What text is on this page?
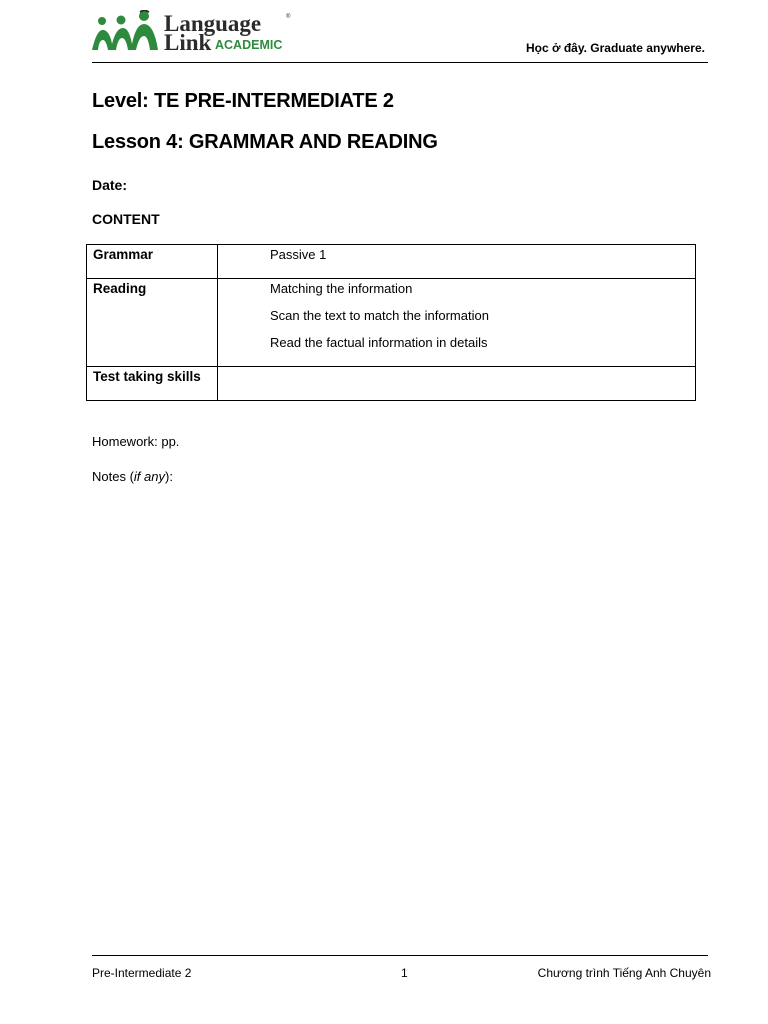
Language
Link ACADEMIC
®
Học ở đây. Graduate anywhere.
Level: TE PRE-INTERMEDIATE 2
Lesson 4: GRAMMAR AND READING
Date:
CONTENT
Grammar	Passive 1

Reading	Matching the information
Scan the text to match the information
Read the factual information in details

Test taking skills	
Homework: pp.
Notes (if any):
Pre-Intermediate 2	1	Chương trình Tiếng Anh Chuyên
